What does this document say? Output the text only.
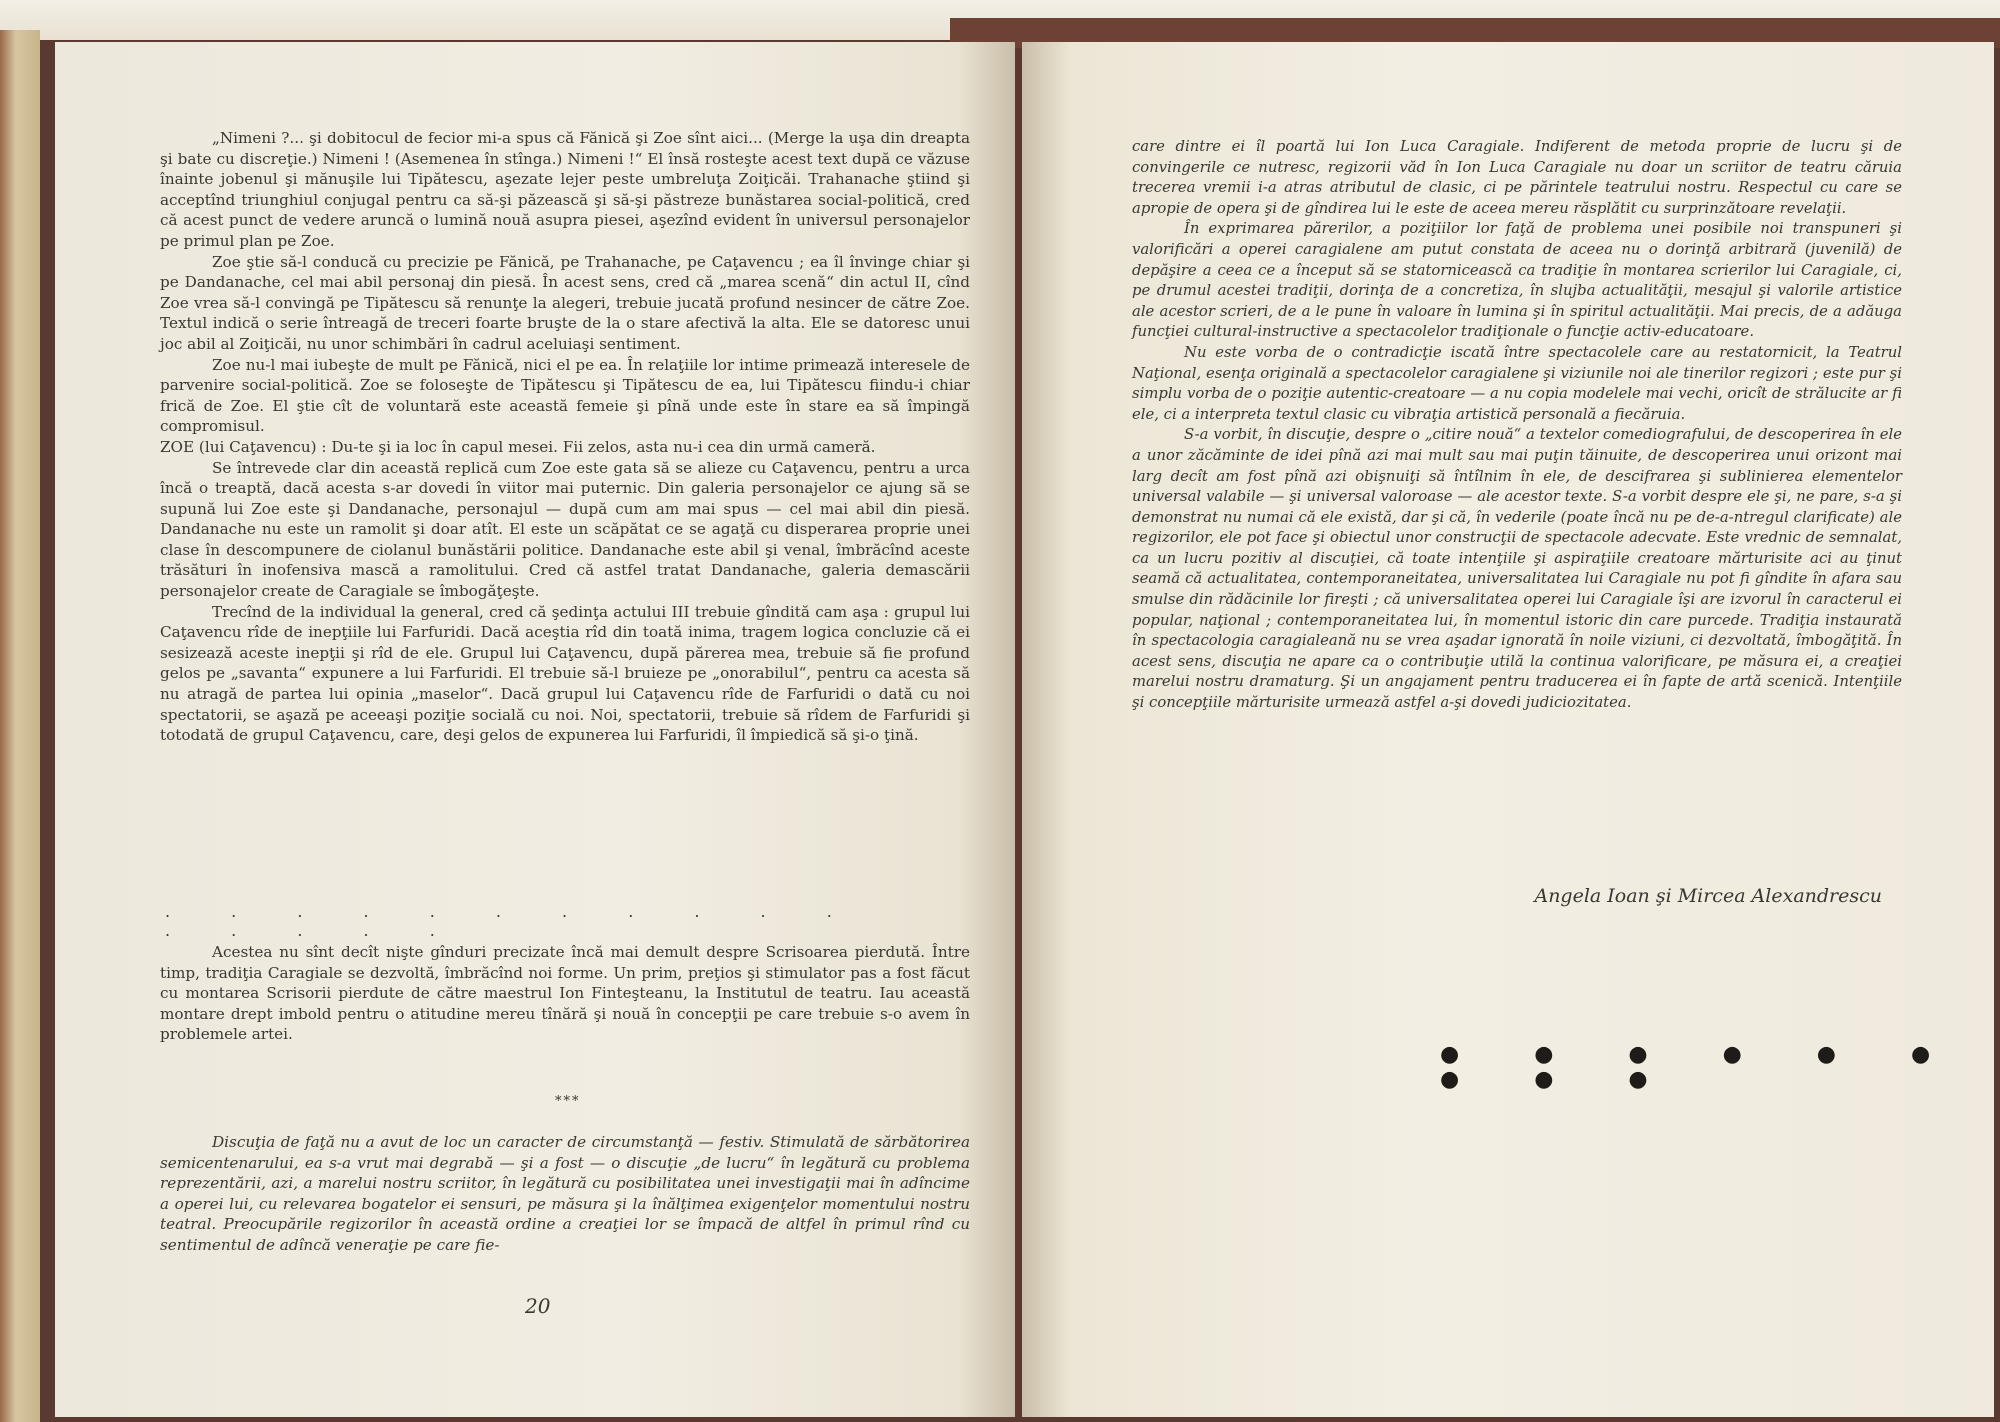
„Nimeni ?... şi dobitocul de fecior mi-a spus că Fănică şi Zoe sînt aici... (Merge la uşa din dreapta şi bate cu discreţie.) Nimeni ! (Asemenea în stînga.) Nimeni !“ El însă rosteşte acest text după ce văzuse înainte jobenul şi mănuşile lui Tipătescu, aşezate lejer peste umbreluţa Zoiţicăi. Trahanache ştiind şi acceptînd triunghiul conjugal pentru ca să-şi păzească şi să-şi păstreze bunăstarea social-politică, cred că acest punct de vedere aruncă o lumină nouă asupra piesei, aşezînd evident în universul personajelor pe primul plan pe Zoe.

Zoe ştie să-l conducă cu precizie pe Fănică, pe Trahanache, pe Caţavencu ; ea îl învinge chiar şi pe Dandanache, cel mai abil personaj din piesă. În acest sens, cred că „marea scenă“ din actul II, cînd Zoe vrea să-l convingă pe Tipătescu să renunţe la alegeri, trebuie jucată profund nesincer de către Zoe. Textul indică o serie întreagă de treceri foarte bruşte de la o stare afectivă la alta. Ele se datoresc unui joc abil al Zoiţicăi, nu unor schimbări în cadrul aceluiaşi sentiment.

Zoe nu-l mai iubeşte de mult pe Fănică, nici el pe ea. În relaţiile lor intime primează interesele de parvenire social-politică. Zoe se foloseşte de Tipătescu şi Tipătescu de ea, lui Tipătescu fiindu-i chiar frică de Zoe. El ştie cît de voluntară este această femeie şi pînă unde este în stare ea să împingă compromisul.

ZOE (lui Caţavencu) : Du-te şi ia loc în capul mesei. Fii zelos, asta nu-i cea din urmă cameră.

Se întrevede clar din această replică cum Zoe este gata să se alieze cu Caţavencu, pentru a urca încă o treaptă, dacă acesta s-ar dovedi în viitor mai puternic. Din galeria personajelor ce ajung să se supună lui Zoe este şi Dandanache, personajul — după cum am mai spus — cel mai abil din piesă. Dandanache nu este un ramolit şi doar atît. El este un scăpătat ce se agaţă cu disperarea proprie unei clase în descompunere de ciolanul bunăstării politice. Dandanache este abil şi venal, îmbrăcînd aceste trăsături în inofensiva mască a ramolitului. Cred că astfel tratat Dandanache, galeria demascării personajelor create de Caragiale se îmbogăţeşte.

Trecînd de la individual la general, cred că şedinţa actului III trebuie gîndită cam aşa : grupul lui Caţavencu rîde de inepţiile lui Farfuridi. Dacă aceştia rîd din toată inima, tragem logica concluzie că ei sesizează aceste inepţii şi rîd de ele. Grupul lui Caţavencu, după părerea mea, trebuie să fie profund gelos pe „savanta“ expunere a lui Farfuridi. El trebuie să-l bruieze pe „onorabilul“, pentru ca acesta să nu atragă de partea lui opinia „maselor“. Dacă grupul lui Caţavencu rîde de Farfuridi o dată cu noi spectatorii, se aşază pe aceeaşi poziţie socială cu noi. Noi, spectatorii, trebuie să rîdem de Farfuridi şi totodată de grupul Caţavencu, care, deşi gelos de expunerea lui Farfuridi, îl împiedică să şi-o ţină.

. . . . . . . . . . . . . . . .

Acestea nu sînt decît nişte gînduri precizate încă mai demult despre Scrisoarea pierdută. Între timp, tradiţia Caragiale se dezvoltă, îmbrăcînd noi forme. Un prim, preţios şi stimulator pas a fost făcut cu montarea Scrisorii pierdute de către maestrul Ion Finteşteanu, la Institutul de teatru. Iau această montare drept imbold pentru o atitudine mereu tînără şi nouă în concepţii pe care trebuie s-o avem în problemele artei.

***

Discuţia de faţă nu a avut de loc un caracter de circumstanţă — festiv. Stimulată de sărbătorirea semicentenarului, ea s-a vrut mai degrabă — şi a fost — o discuţie „de lucru“ în legătură cu problema reprezentării, azi, a marelui nostru scriitor, în legătură cu posibilitatea unei investigaţii mai în adîncime a operei lui, cu relevarea bogatelor ei sensuri, pe măsura şi la înălţimea exigenţelor momentului nostru teatral. Preocupările regizorilor în această ordine a creaţiei lor se împacă de altfel în primul rînd cu sentimentul de adîncă veneraţie pe care fie-

20

care dintre ei îl poartă lui Ion Luca Caragiale. Indiferent de metoda proprie de lucru şi de convingerile ce nutresc, regizorii văd în Ion Luca Caragiale nu doar un scriitor de teatru căruia trecerea vremii i-a atras atributul de clasic, ci pe părintele teatrului nostru. Respectul cu care se apropie de opera şi de gîndirea lui le este de aceea mereu răsplătit cu surprinzătoare revelaţii.

În exprimarea părerilor, a poziţiilor lor faţă de problema unei posibile noi transpuneri şi valorificări a operei caragialene am putut constata de aceea nu o dorinţă arbitrară (juvenilă) de depăşire a ceea ce a început să se statornicească ca tradiţie în montarea scrierilor lui Caragiale, ci, pe drumul acestei tradiţii, dorinţa de a concretiza, în slujba actualităţii, mesajul şi valorile artistice ale acestor scrieri, de a le pune în valoare în lumina şi în spiritul actualităţii. Mai precis, de a adăuga funcţiei cultural-instructive a spectacolelor tradiţionale o funcţie activ-educatoare.

Nu este vorba de o contradicţie iscată între spectacolele care au restatornicit, la Teatrul Naţional, esenţa originală a spectacolelor caragialene şi viziunile noi ale tinerilor regizori ; este pur şi simplu vorba de o poziţie autentic-creatoare — a nu copia modelele mai vechi, oricît de strălucite ar fi ele, ci a interpreta textul clasic cu vibraţia artistică personală a fiecăruia.

S-a vorbit, în discuţie, despre o „citire nouă“ a textelor comediografului, de descoperirea în ele a unor zăcăminte de idei pînă azi mai mult sau mai puţin tăinuite, de descoperirea unui orizont mai larg decît am fost pînă azi obişnuiţi să întîlnim în ele, de descifrarea şi sublinierea elementelor universal valabile — şi universal valoroase — ale acestor texte. S-a vorbit despre ele şi, ne pare, s-a şi demonstrat nu numai că ele există, dar şi că, în vederile (poate încă nu pe de-a-ntregul clarificate) ale regizorilor, ele pot face şi obiectul unor construcţii de spectacole adecvate. Este vrednic de semnalat, ca un lucru pozitiv al discuţiei, că toate intenţiile şi aspiraţiile creatoare mărturisite aci au ţinut seamă că actualitatea, contemporaneitatea, universalitatea lui Caragiale nu pot fi gîndite în afara sau smulse din rădăcinile lor fireşti ; că universalitatea operei lui Caragiale îşi are izvorul în caracterul ei popular, naţional ; contemporaneitatea lui, în momentul istoric din care purcede. Tradiţia instaurată în spectacologia caragialeană nu se vrea aşadar ignorată în noile viziuni, ci dezvoltată, îmbogăţită. În acest sens, discuţia ne apare ca o contribuţie utilă la continua valorificare, pe măsura ei, a creaţiei marelui nostru dramaturg. Şi un angajament pentru traducerea ei în fapte de artă scenică. Intenţiile şi concepţiile mărturisite urmează astfel a-şi dovedi judiciozitatea.

Angela Ioan şi Mircea Alexandrescu
● ● ● ● ● ● ● ● ●
